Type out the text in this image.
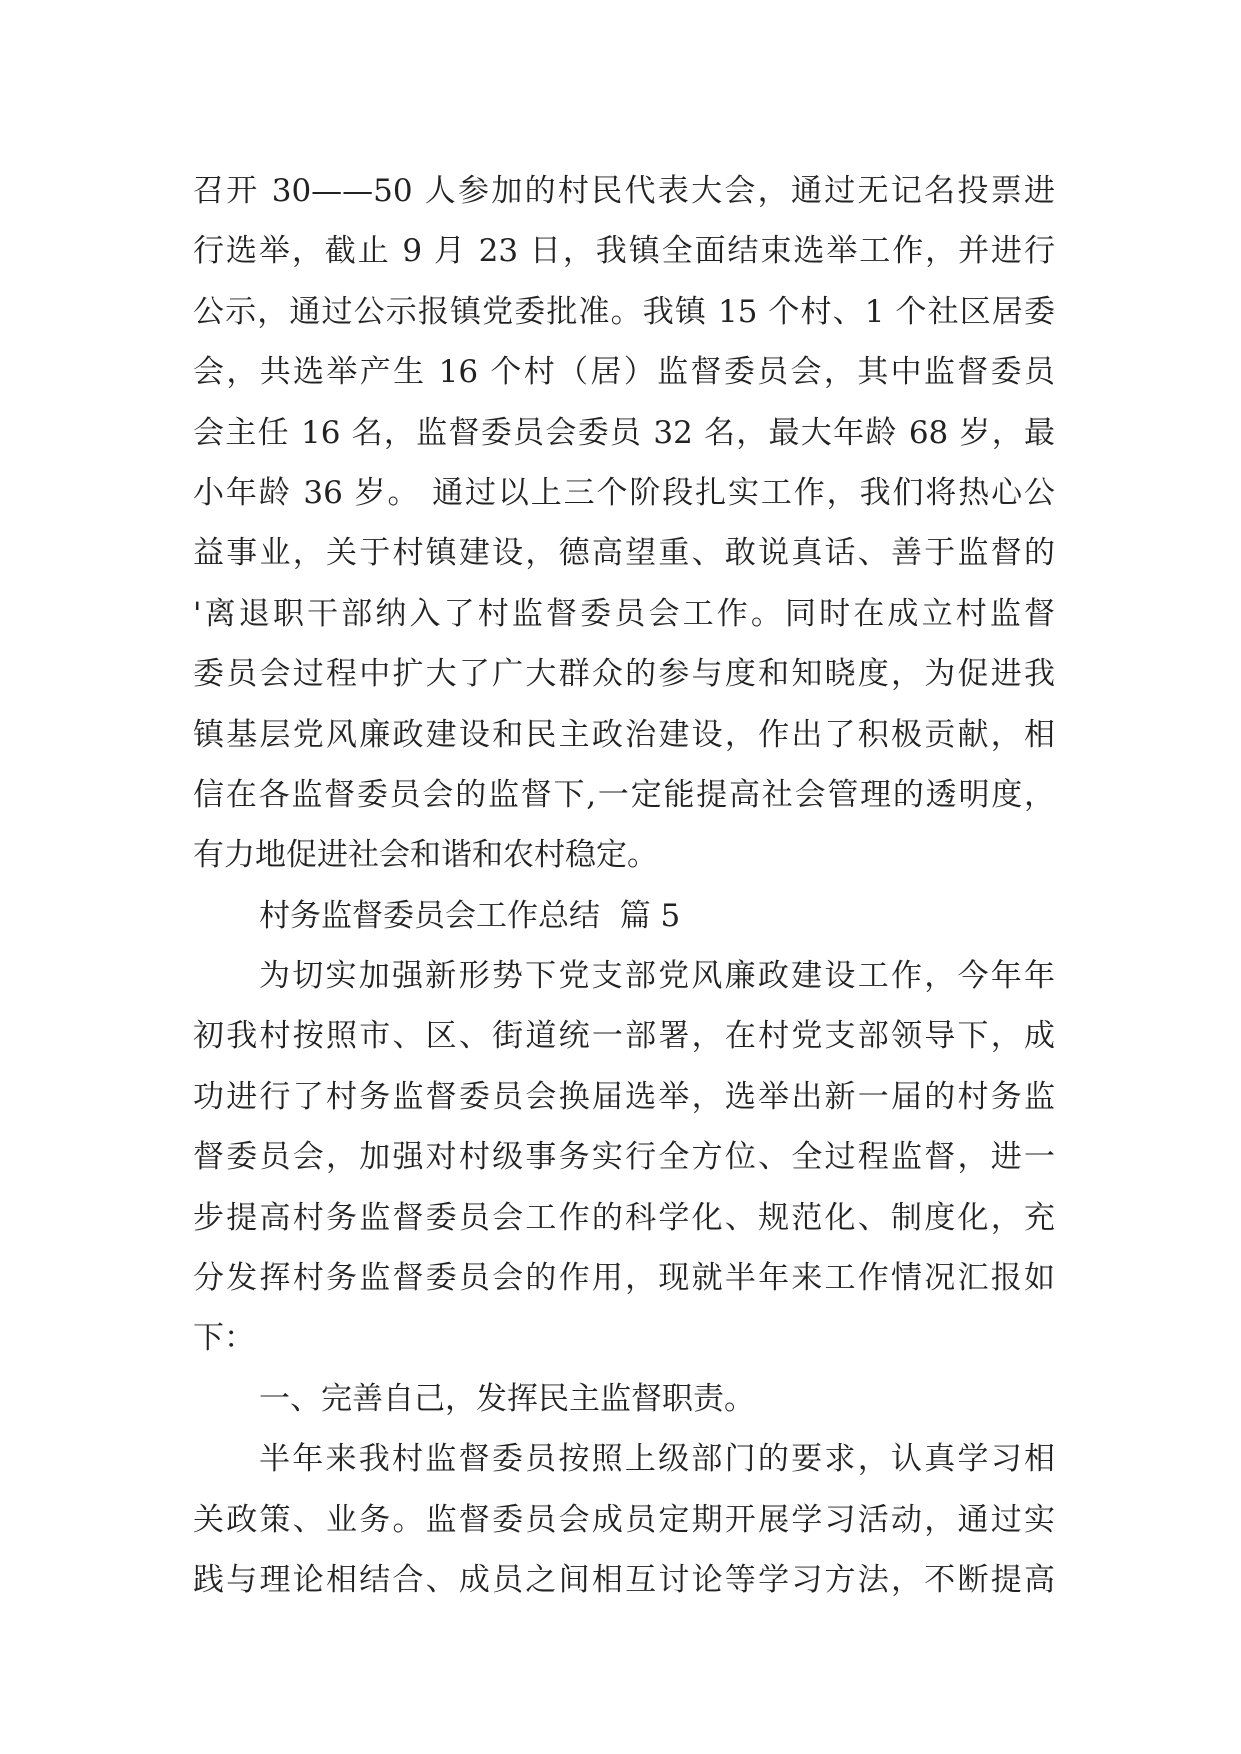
召开 30——50 人参加的村民代表大会，通过无记名投票进
行选举，截止 9 月 23 日，我镇全面结束选举工作，并进行
公示，通过公示报镇党委批准。我镇 15 个村、1 个社区居委
会，共选举产生 16 个村（居）监督委员会，其中监督委员
会主任 16 名，监督委员会委员 32 名，最大年龄 68 岁，最
小年龄 36 岁。 通过以上三个阶段扎实工作，我们将热心公
益事业，关于村镇建设，德高望重、敢说真话、善于监督的
'离退职干部纳入了村监督委员会工作。同时在成立村监督
委员会过程中扩大了广大群众的参与度和知晓度，为促进我
镇基层党风廉政建设和民主政治建设，作出了积极贡献，相
信在各监督委员会的监督下,一定能提高社会管理的透明度，
有力地促进社会和谐和农村稳定。
村务监督委员会工作总结  篇 5
为切实加强新形势下党支部党风廉政建设工作，今年年
初我村按照市、区、街道统一部署，在村党支部领导下，成
功进行了村务监督委员会换届选举，选举出新一届的村务监
督委员会，加强对村级事务实行全方位、全过程监督，进一
步提高村务监督委员会工作的科学化、规范化、制度化，充
分发挥村务监督委员会的作用，现就半年来工作情况汇报如
下：
一、完善自己，发挥民主监督职责。
半年来我村监督委员按照上级部门的要求，认真学习相
关政策、业务。监督委员会成员定期开展学习活动，通过实
践与理论相结合、成员之间相互讨论等学习方法，不断提高
